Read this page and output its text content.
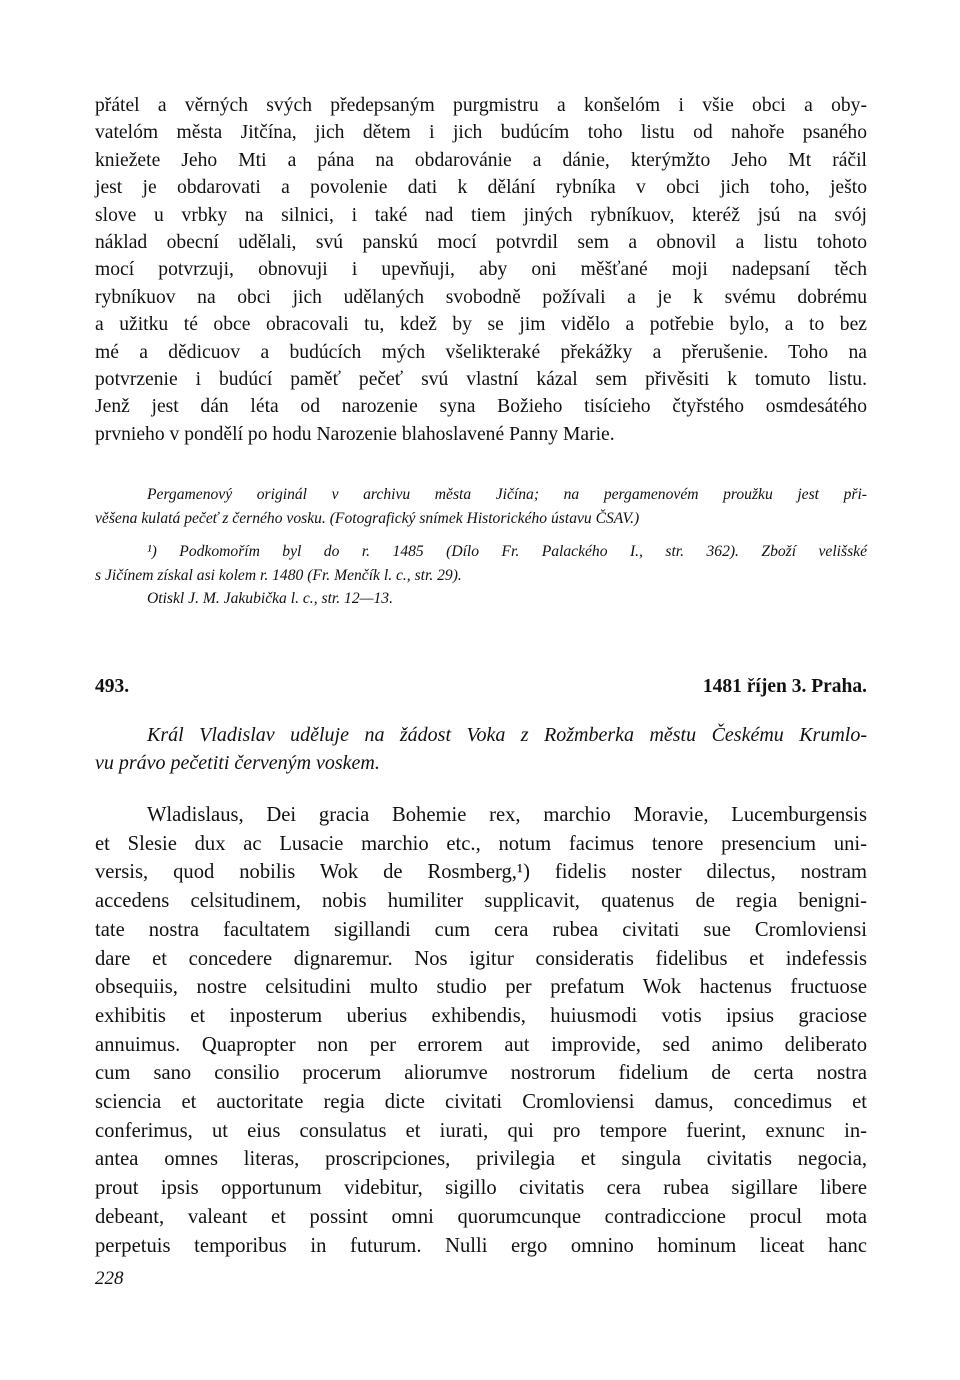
přátel a věrných svých předepsaným purgmistru a konšelóm i všie obci a oby-
vatelóm města Jitčína, jich dětem i jich budúcím toho listu od nahoře psaného
kniežete Jeho Mti a pána na obdarovánie a dánie, kterýmžto Jeho Mt ráčil
jest je obdarovati a povolenie dati k dělání rybníka v obci jich toho, ješto
slove u vrbky na silnici, i také nad tiem jiných rybníkuov, kteréž jsú na svój
náklad obecní udělali, svú panskú mocí potvrdil sem a obnovil a listu tohoto
mocí potvrzuji, obnovuji i upevňuji, aby oni měšťané moji nadepsaní těch
rybníkuov na obci jich udělaných svobodně požívali a je k svému dobrému
a užitku té obce obracovali tu, kdež by se jim vidělo a potřebie bylo, a to bez
mé a dědicuov a budúcích mých všelikteraké překážky a přerušenie. Toho na
potvrzenie i budúcí paměť pečeť svú vlastní kázal sem přivěsiti k tomuto listu.
Jenž jest dán léta od narozenie syna Božieho tisícieho čtyřstého osmdesátého
prvnieho v pondělí po hodu Narozenie blahoslavené Panny Marie.
Pergamenový originál v archivu města Jičína; na pergamenovém proužku jest při-
věšena kulatá pečeť z černého vosku. (Fotografický snímek Historického ústavu ČSAV.)
¹) Podkomořím byl do r. 1485 (Dílo Fr. Palackého I., str. 362). Zboží velišské
s Jičínem získal asi kolem r. 1480 (Fr. Menčík l. c., str. 29).
Otiskl J. M. Jakubička l. c., str. 12—13.
493.	1481 říjen 3. Praha.
Král Vladislav uděluje na žádost Voka z Rožmberka městu Českému Krumlo-
vu právo pečetiti červeným voskem.
Wladislaus, Dei gracia Bohemie rex, marchio Moravie, Lucemburgensis
et Slesie dux ac Lusacie marchio etc., notum facimus tenore presencium uni-
versis, quod nobilis Wok de Rosmberg,¹) fidelis noster dilectus, nostram
accedens celsitudinem, nobis humiliter supplicavit, quatenus de regia benigni-
tate nostra facultatem sigillandi cum cera rubea civitati sue Cromloviensi
dare et concedere dignaremur. Nos igitur consideratis fidelibus et indefessis
obsequiis, nostre celsitudini multo studio per prefatum Wok hactenus fructuose
exhibitis et inposterum uberius exhibendis, huiusmodi votis ipsius graciose
annuimus. Quapropter non per errorem aut improvide, sed animo deliberato
cum sano consilio procerum aliorumve nostrorum fidelium de certa nostra
sciencia et auctoritate regia dicte civitati Cromloviensi damus, concedimus et
conferimus, ut eius consulatus et iurati, qui pro tempore fuerint, exnunc in-
antea omnes literas, proscripciones, privilegia et singula civitatis negocia,
prout ipsis opportunum videbitur, sigillo civitatis cera rubea sigillare libere
debeant, valeant et possint omni quorumcunque contradiccione procul mota
perpetuis temporibus in futurum. Nulli ergo omnino hominum liceat hanc
228
